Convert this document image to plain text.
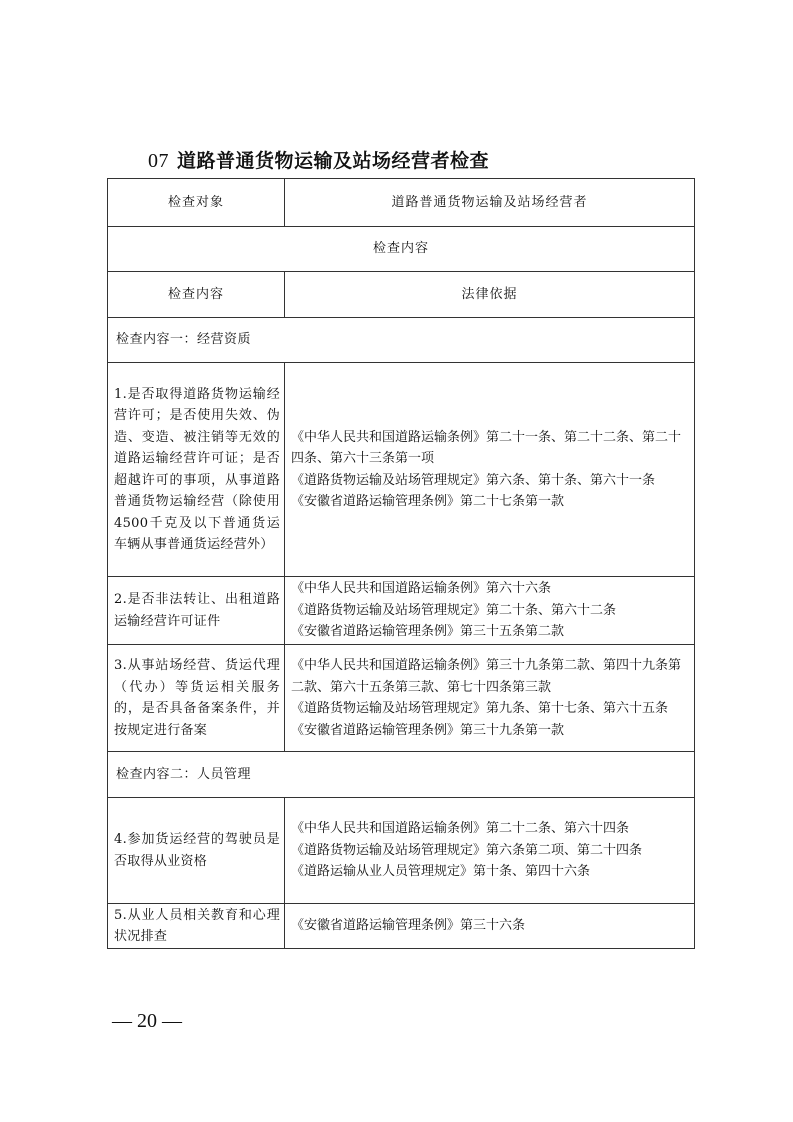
07 道路普通货物运输及站场经营者检查
检查对象	道路普通货物运输及站场经营者
检查内容	
检查内容	法律依据
检查内容一：经营资质	
1.是否取得道路货物运输经营许可；是否使用失效、伪造、变造、被注销等无效的道路运输经营许可证；是否超越许可的事项，从事道路普通货物运输经营（除使用4500千克及以下普通货运车辆从事普通货运经营外）	《中华人民共和国道路运输条例》第二十一条、第二十二条、第二十四条、第六十三条第一项
《道路货物运输及站场管理规定》第六条、第十条、第六十一条
《安徽省道路运输管理条例》第二十七条第一款

2.是否非法转让、出租道路运输经营许可证件	《中华人民共和国道路运输条例》第六十六条
《道路货物运输及站场管理规定》第二十条、第六十二条
《安徽省道路运输管理条例》第三十五条第二款

3.从事站场经营、货运代理（代办）等货运相关服务的，是否具备备案条件，并按规定进行备案	《中华人民共和国道路运输条例》第三十九条第二款、第四十九条第二款、第六十五条第三款、第七十四条第三款
《道路货物运输及站场管理规定》第九条、第十七条、第六十五条
《安徽省道路运输管理条例》第三十九条第一款

检查内容二：人员管理	
4.参加货运经营的驾驶员是否取得从业资格	《中华人民共和国道路运输条例》第二十二条、第六十四条
《道路货物运输及站场管理规定》第六条第二项、第二十四条
《道路运输从业人员管理规定》第十条、第四十六条

5.从业人员相关教育和心理状况排查	《安徽省道路运输管理条例》第三十六条
— 20 —
